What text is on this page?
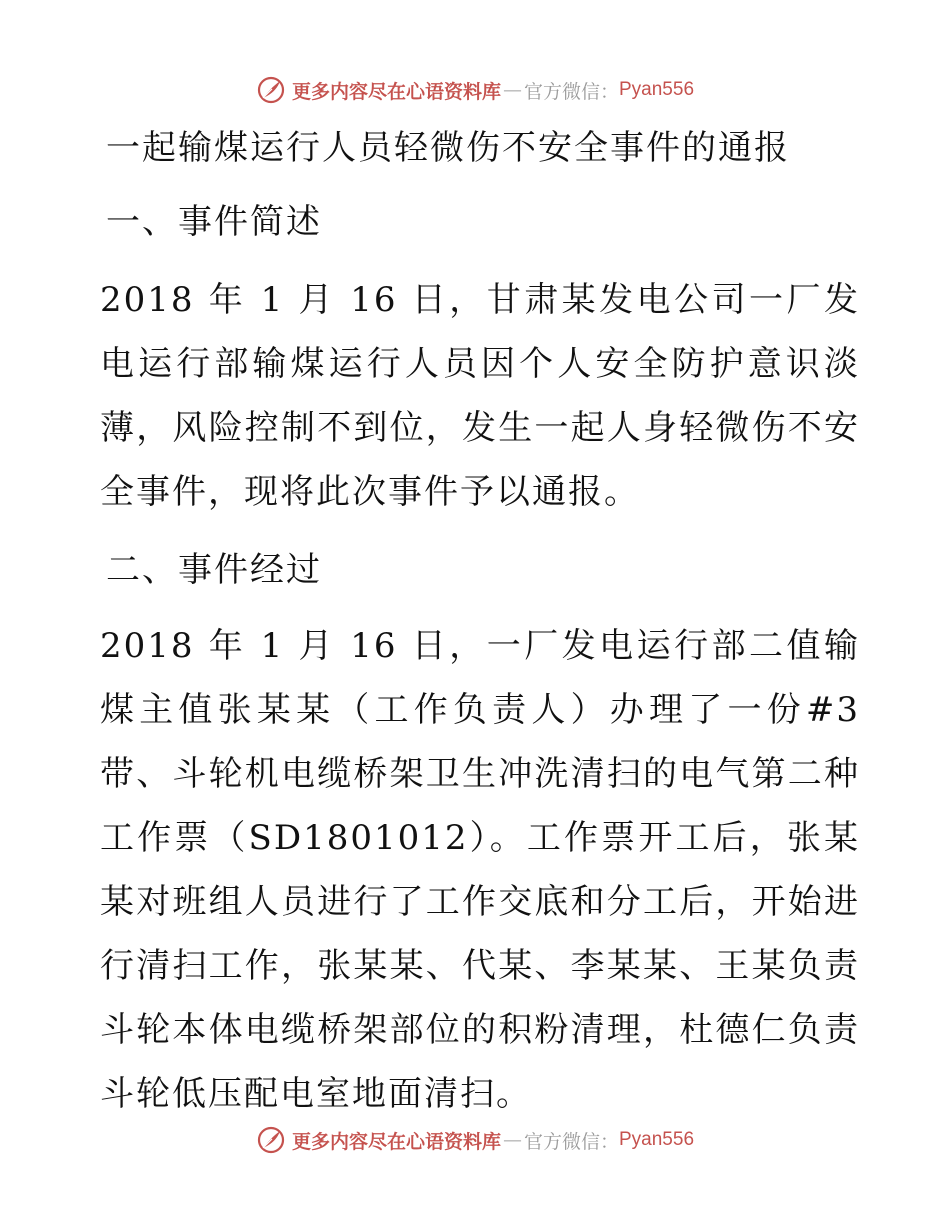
更多内容尽在心语资料库 — 官方微信： Pyan556
一起输煤运行人员轻微伤不安全事件的通报
一、事件简述

2018 年 1 月 16 日，甘肃某发电公司一厂发电运行部输煤运行人员因个人安全防护意识淡薄，风险控制不到位，发生一起人身轻微伤不安全事件，现将此次事件予以通报。

二、事件经过

2018 年 1 月 16 日，一厂发电运行部二值输煤主值张某某（工作负责人）办理了一份#3 带、斗轮机电缆桥架卫生冲洗清扫的电气第二种工作票（SD1801012）。工作票开工后，张某某对班组人员进行了工作交底和分工后，开始进行清扫工作，张某某、代某、李某某、王某负责斗轮本体电缆桥架部位的积粉清理，杜德仁负责斗轮低压配电室地面清扫。

更多内容尽在心语资料库 — 官方微信： Pyan556
